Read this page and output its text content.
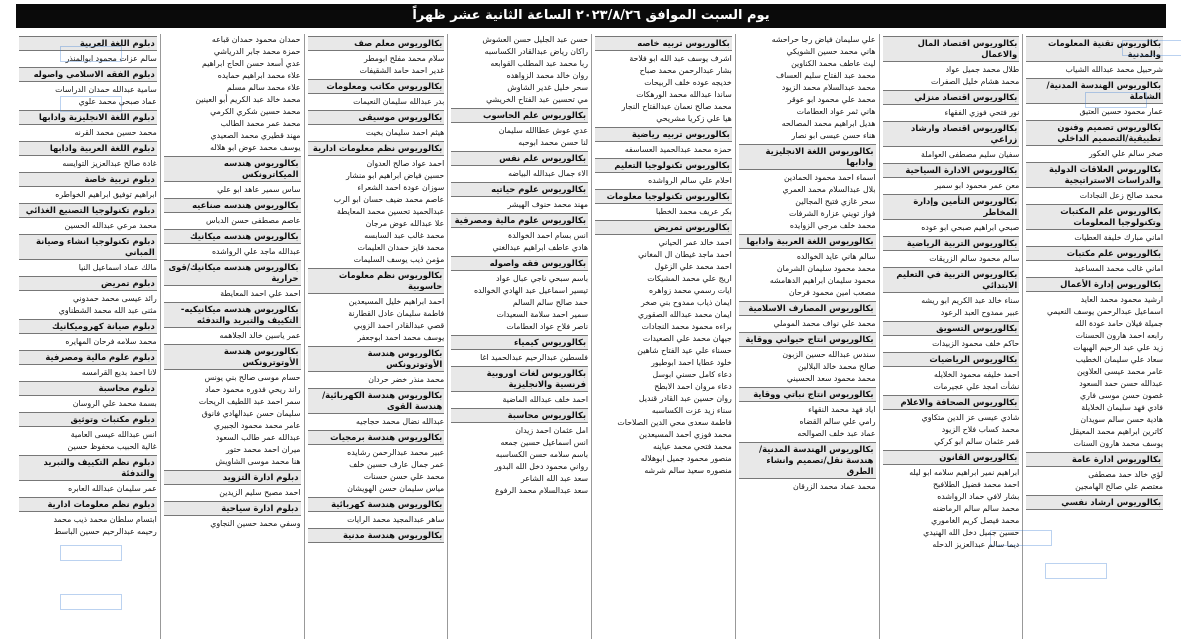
يوم السبت الموافق ٢٠٢٣/٨/٢٦ الساعة الثانية عشر ظهراً
بكالوريوس تقنية المعلومات والمدنية
شرحبيل محمد عبدالله الشياب
بكالوريوس الهندسة المدنية/ الشاملة
عمار محمود حسين العتيق
بكالوريوس تصميم وفنون تطبيقية/التصميم الداخلي
صخر سالم علي العكور
بكالوريوس العلاقات الدولية والدراسات الاستراتيجية
محمد صالح زعل النجادات
بكالوريوس علم المكتبات وتكنولوجيا المعلومات
اماني مبارك خليفة العطيات
بكالوريوس علم مكتبات
اماني غالب محمد المساعيد
بكالوريوس إدارة الأعمال
ارشيد محمود محمد العايد
اسماعيل عبدالرحمن يوسف النعيمي
جميلة فيلان حامد عودة الله
رابعه احمد هارون الحسنات
زيد علي عبد الرحيم الهبهات
سعاد علي سليمان الخطيب
عامر محمد عيسى العلاوين
عبدالله حسن حمد السعود
غصون حسن موسى فاري
فادي فهد سليمان الخلايلة
هادية حسن سالم سويدان
كاترين ابراهيم محمد المعيقل
يوسف محمد هارون السنات
بكالوريوس ادارة عامة
لؤي خالد حمد مصطفى
معتصم علي صالح الهامجين
بكالوريوس ارشاد نفسي
بكالوريوس اقتصاد المال والاعمال
طلال محمد جميل عواد
محمد هشام خليل الصفرات
بكالوريوس اقتصاد منزلي
نور فتحي فوزي الفقهاء
بكالوريوس اقتصاد وارشاد زراعي
سفيان سليم مصطفى العواملة
بكالوريوس الادارة السياحية
معن عمر محمود ابو سمير
بكالوريوس التأمين وإدارة المخاطر
صبحي ابراهيم صبحي ابو عوده
بكالوريوس التربية الرياضية
سالم محمود سالم الزريقات
بكالوريوس التربية في التعليم الابتدائي
سناء خالد عبد الكريم ابو ريشه
عبير ممدوح العبد الرعود
بكالوريوس التسويق
حاكم خلف محمود الزبيدات
بكالوريوس الرياضيات
احمد خليفه محمود الخلايله
نشأت امجد علي عجيرمات
بكالوريوس الصحافة والاعلام
شادي عيسى عز الدين متكاوي
محمد كساب فلاح الزيود
قمر عثمان سالم ابو كركي
بكالوريوس القانون
ابراهيم نمير ابراهيم سلامه ابو ليله
احمد محمد فضيل الطلافيح
بشار لافي حماد الرواشده
محمد سالم سالم الرماضنه
محمد فيصل كريم الغاموري
حسين جميل دخل الله الهنيدي
ديما سالم عبدالعزيز الدحله
علي سليمان فياض رجا حراحشه
هاني محمد حسين الشويكي
ليث عاطف محمد الكناوين
محمد عبد الفتاح سليم العساف
محمد عبدالسلام محمد الزيود
محمد علي محمود ابو عوقر
هاني ثمر عواد العطامات
هديل ابراهيم محمد المصالحه
هناء حسن عيسى ابو نصار
بكالوريوس اللغة الانجليزية وادابها
اسماء احمد محمود الحمادين
بلال عبدالسلام محمد العمري
سحر غازي فتيح المجالين
فواز تويني عزارة الشرفات
محمد خلف مرجي الزوايده
بكالوريوس اللغة العربية وادابها
سالم هاني عايد الخوالده
محمد محمود سليمان الشرمان
محمود سليمان ابراهيم الدهامشه
مصعب امين محمود فرحان
بكالوريوس المصارف الاسلامية
محمد علي نواف محمد الموملي
بكالوريوس انتاج حيواني ووقاية
سندس عبدالله حسين الزبون
صالح محمد خالد البلالين
محمد محمود سعد الحسيني
بكالوريوس انتاج نباتي ووقاية
اياد فهد محمد النقهاء
رامي علي سالم القضاه
عماد عبد خلف الصوالحه
بكالوريوس الهندسة المدنية/ هندسة نقل/تصميم وانشاء الطرق
محمد عماد محمد الزرقان
بكالوريوس تربيه خاصه
اشرف يوسف عبد الله ابو فلاحة
بشار عبدالرحمن محمد صباح
خديجه عوده خلف الربيحات
ساندا عبدالله محمد الورهكات
محمد صالح نعمان عبدالفتاح النجار
هيا علي زكريا مشريحي
بكالوريوس تربيه رياضية
حمزه محمد عبدالحميد العساسفه
بكالوريوس تكنولوجيا التعليم
احلام علي سالم الرواشده
بكالوريوس تكنولوجيا معلومات
بكر عريف محمد الخطبا
بكالوريوس تمريض
احمد خالد عمر الحياني
احمد ماجد غيطان ال المغاني
احمد محمد علي الزغول
اريج علي محمد المشيكات
ايات رسمي محمد زواهره
ايمان ذياب ممدوح بني صخر
ايمان محمد عبدالله الصقوري
براءه محمود محمد النجادات
جيهان محمد علي الصعيدات
حسناء علي عيد الفتاح شاهين
خلود عطايا احمد ابوطيور
دعاء كامل حسني ابوسل
دعاء مروان احمد الابطح
روان حسين عبد القادر قنديل
سناء زيد عزت الكساسبه
فاطمة سعدى محي الدين الصلاحات
محمد فوزي احمد المسيعدين
محمد فتحي محمد عباينه
منصور محمود جميل ابوهلاله
منصوره سعيد سالم شرشه
حسن عبد الجليل حسن العشوش
راكان رياض عبدالقادر الكساسبه
ربا محمد عبد المطلب القوابعه
روان خالد محمد الزواهده
سحر خليل غدير الشاوش
مي تحسين عبد الفتاح الخريشي
بكالوريوس علم الحاسوب
عدي عوش عطاالله سليمان
لنا حسن محمد ابوحبه
بكالوريوس علم نفس
الاء جمال عبدالله البياضه
بكالوريوس علوم حياتيه
مهند محمد حنوف الهيشر
بكالوريوس علوم مالية ومصرفية
انس بسام احمد الخوالدة
هادي عاطف ابراهيم عبدالغني
بكالوريوس فقه واصوله
باسم سبحي ناجي عبال عواد
تيسير اسماعيل عبد الهادي الخوالده
حمد صالح سالم السالم
سمير احمد سلامة السعيدات
ناصر فلاح عواد العطامات
بكالوريوس كيمياء
فلسطين عبدالرحيم عبدالحميد اغا
بكالوريوس لغات اوروبية فرنسية والانجليزية
احمد خلف عبدالله الماضية
بكالوريوس محاسبة
امل عثمان احمد زيدان
انس اسماعيل حسين جمعه
باسم سلامه حسن الكساسبه
رواني محمود دخل الله البدور
سعد عبد الله الشاعر
سعد عبدالسلام محمد الرفوع
بكالوريوس معلم صف
سلام محمد مفلح ابومطر
غدير احمد حامد الشقيفات
بكالوريوس مكاتب ومعلومات
بدر عبدالله سليمان النعيمات
بكالوريوس موسيقى
هيثم احمد سليمان بخيت
بكالوريوس نظم معلومات ادارية
احمد عواد صالح العدوان
حسين فياض ابراهيم ابو منشار
سوزان عودة احمد الشعراء
عاصم محمد ضيف حسان ابو الرب
عبدالحميد تحسين محمد المعايطة
علا عبدالله عوض مرجان
محمد غالب عبد السابسه
محمد فايز حمدان العليمات
مؤمن ذيب يوسف السليمات
بكالوريوس نظم معلومات حاسوبية
احمد ابراهيم خليل المسيعدين
فاطمة سليمان عادل القطارنة
قصي عبدالقادر احمد الزوبي
يوسف محمد احمد ابوجعفر
بكالوريوس هندسة الأوتوترونكس
محمد منذر خضر حردان
بكالوريوس هندسة الكهربائية/ هندسة القوى
عبدالله نضال محمد حجاجيه
بكالوريوس هندسة برمجيات
عبير محمد عبدالرحمن رشايده
عمر جمال عارف حسين خلف
محمد علي حسن حسنات
مياس سليمان حسن الهويشان
بكالوريوس هندسة كهربائية
ساهر عبدالمجيد محمد الرايات
بكالوريوس هندسة مدنية
حمدان محمود حمدان قباعه
حمزة محمد جابر الدرياشي
عدي أسعد حسن الحاج ابراهيم
علاء محمد ابراهيم حمايده
علاء محمد سالم مسلم
محمد خالد عبد الكريم أبو العينين
محمد حسين شكري الكرمي
محمد عمر محمد الطالب
مهند قطيري محمد الصعيدي
يوسف محمد عوض ابو هلاله
بكالوريوس هندسه الميكاترونكس
ساس سمير عاهد ابو علي
بكالوريوس هندسه صناعيه
عاصم مصطفى حسن الدباس
بكالوريوس هندسه ميكانيك
عبدالله ماجد علي الرواشده
بكالوريوس هندسه ميكانيك/قوى حرارية
احمد علي احمد المعايطة
بكالوريوس هندسه ميكانيكيه- التكييف والتبريد والتدفئه
عمر ياسين خالد الجلاهمه
بكالوريوس هندسة الأوتوترونكس
حسام موسى صالح بني يونس
راند ريحي فدوره محمود حماد
سمر احمد عبد اللطيف الريحات
سليمان حسن عبدالهادي فانوق
عامر محمد محمود الجبيري
عبدالله عمر طالب السعود
ميران احمد محمد حتور
هنا محمد موسى الشاويش
دبلوم ادارة التزويد
احمد مصيح سليم الزيدين
دبلوم ادارة سياحية
وسفي محمد حسين النجاوي
دبلوم اللغة العربية
سالم عزات محمود ابوالمنذر
دبلوم الفقه الاسلامي واصوله
سامية عبدالله حمدان الدراسات
عماد صبحي محمد علوي
دبلوم اللغة الانجليزية وادابها
محمد حسين محمد القرنه
دبلوم اللغة العربية وادابها
غادة صالح عبدالعزيز التوايسه
دبلوم تربية خاصة
ابراهيم توفيق ابراهيم الخواطره
دبلوم تكنولوجيا التصنيع الغذائي
محمد مرعي عبدالله الحسين
دبلوم تكنولوجيا انشاء وصيانة المباني
مالك عماد اسماعيل النيا
دبلوم تمريض
رائد عيسى محمد حمدوني
مثنى عبد الله محمد الشطناوي
دبلوم صيانة كهروميكانيك
محمد سلامه فرحان المهايره
دبلوم علوم مالية ومصرفية
لانا احمد بديع القرامسه
دبلوم محاسبة
بسمة محمد علي الروسان
دبلوم مكتبات وتوثيق
انس عبدالله عيسى العامية
غالية الحبيب محفوظ حسين
دبلوم نظم التكييف والتبريد والتدفئة
عمر سليمان عبدالله العابره
دبلوم نظم معلومات ادارية
ابتسام سلطان محمد ذيب محمد
رحيمه عبدالرحيم حسين الباسط
